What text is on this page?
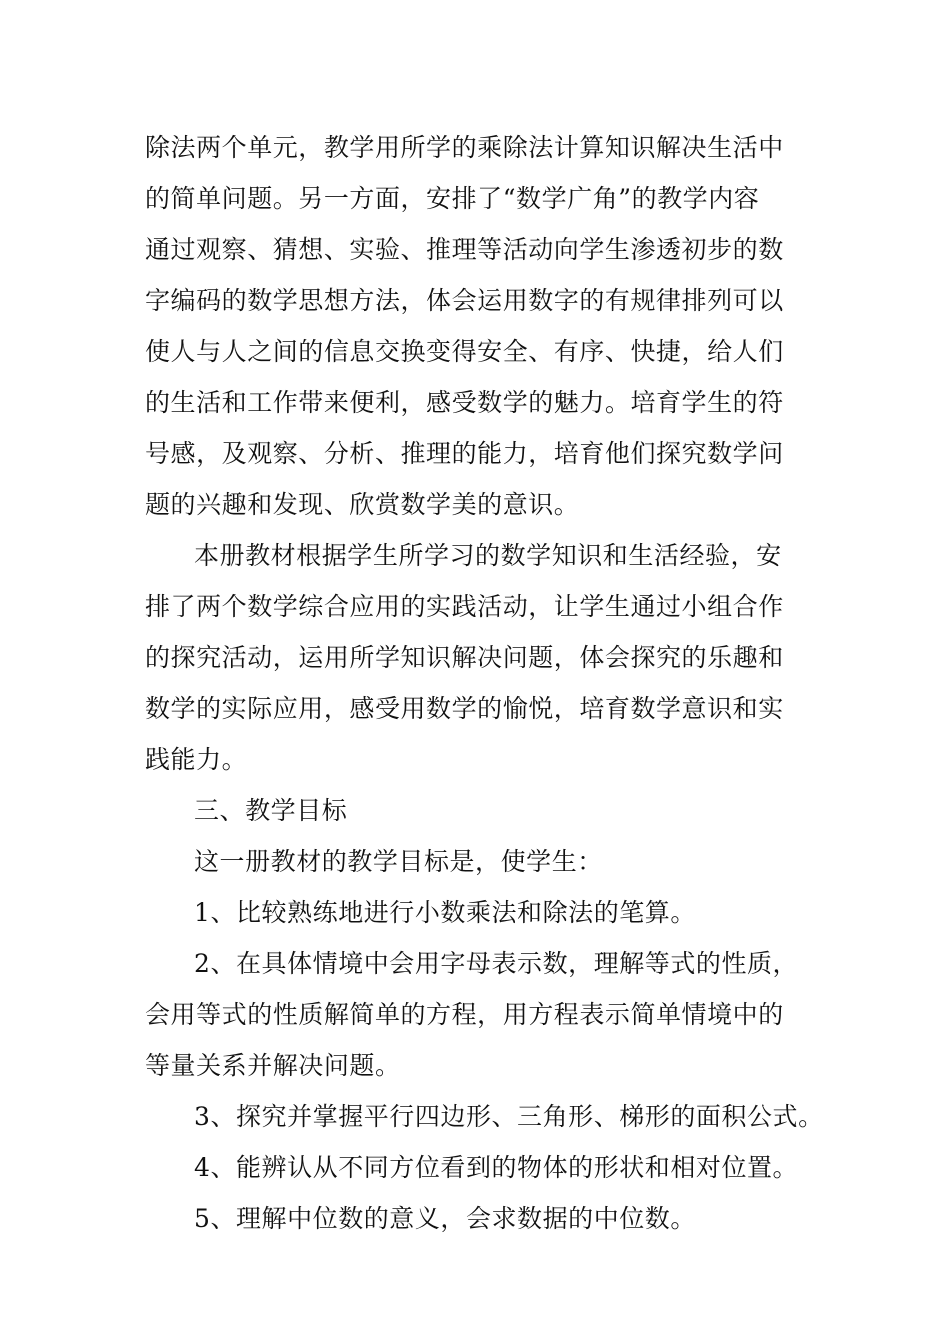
除法两个单元，教学用所学的乘除法计算知识解决生活中
的简单问题。另一方面，安排了“数学广角”的教学内容
通过观察、猜想、实验、推理等活动向学生渗透初步的数
字编码的数学思想方法，体会运用数字的有规律排列可以
使人与人之间的信息交换变得安全、有序、快捷，给人们
的生活和工作带来便利，感受数学的魅力。培育学生的符
号感，及观察、分析、推理的能力，培育他们探究数学问
题的兴趣和发现、欣赏数学美的意识。
本册教材根据学生所学习的数学知识和生活经验，安
排了两个数学综合应用的实践活动，让学生通过小组合作
的探究活动，运用所学知识解决问题，体会探究的乐趣和
数学的实际应用，感受用数学的愉悦，培育数学意识和实
践能力。
三、教学目标
这一册教材的教学目标是，使学生：
1、比较熟练地进行小数乘法和除法的笔算。
2、在具体情境中会用字母表示数，理解等式的性质，
会用等式的性质解简单的方程，用方程表示简单情境中的
等量关系并解决问题。
3、探究并掌握平行四边形、三角形、梯形的面积公式。
4、能辨认从不同方位看到的物体的形状和相对位置。
5、理解中位数的意义，会求数据的中位数。
